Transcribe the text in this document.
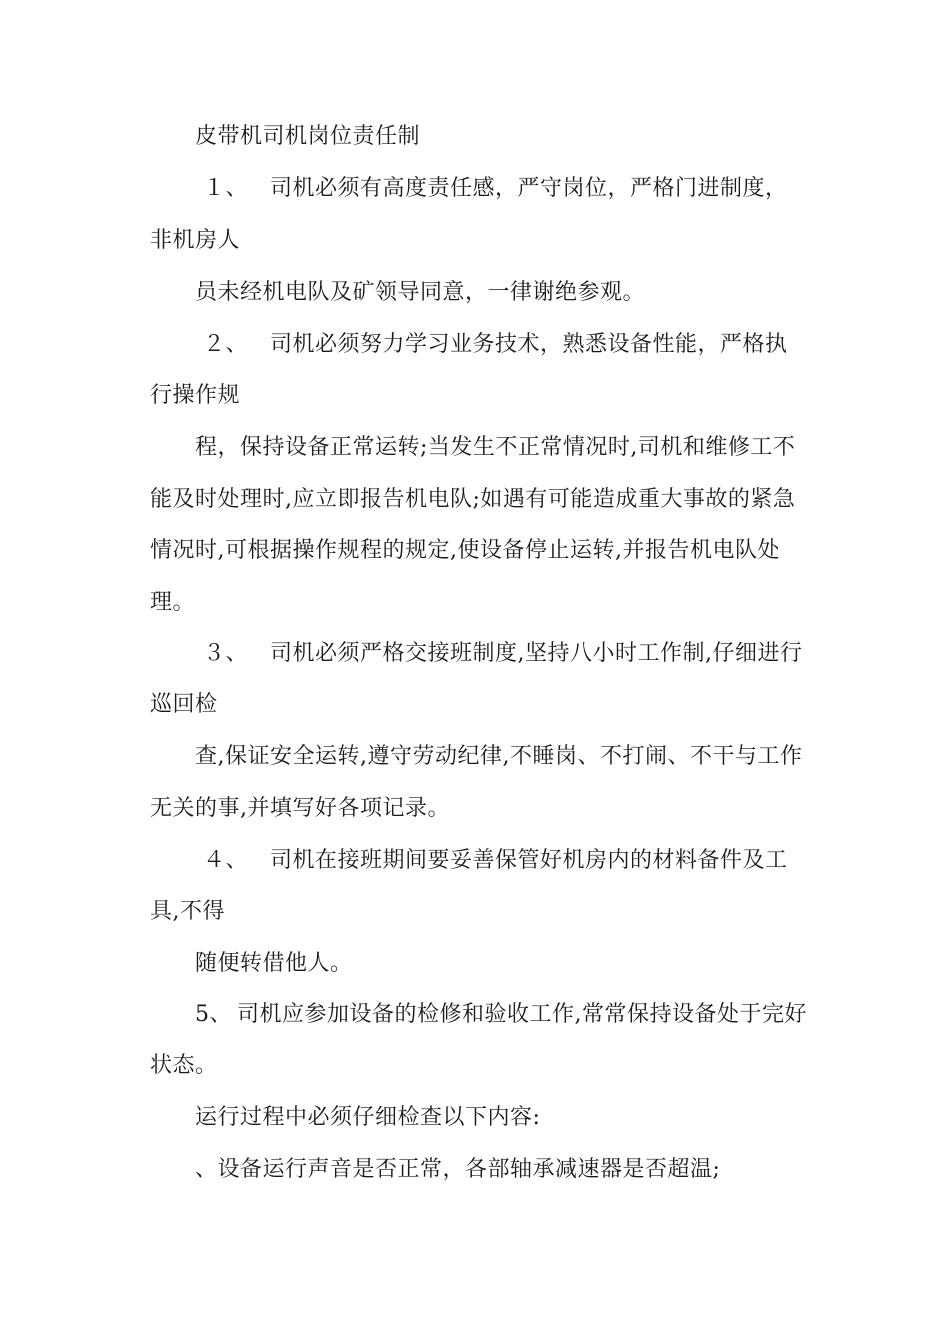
皮带机司机岗位责任制

１、 司机必须有高度责任感，严守岗位，严格门进制度，

非机房人

员未经机电队及矿领导同意，一律谢绝参观。

２、 司机必须努力学习业务技术，熟悉设备性能，严格执

行操作规

程，保持设备正常运转;当发生不正常情况时,司机和维修工不

能及时处理时,应立即报告机电队;如遇有可能造成重大事故的紧急

情况时,可根据操作规程的规定,使设备停止运转,并报告机电队处

理。

３、 司机必须严格交接班制度,坚持八小时工作制,仔细进行

巡回检

查,保证安全运转,遵守劳动纪律,不睡岗、不打闹、不干与工作

无关的事,并填写好各项记录。

４、 司机在接班期间要妥善保管好机房内的材料备件及工

具,不得

随便转借他人。

5、 司机应参加设备的检修和验收工作,常常保持设备处于完好

状态。

运行过程中必须仔细检查以下内容:

、设备运行声音是否正常，各部轴承减速器是否超温;
